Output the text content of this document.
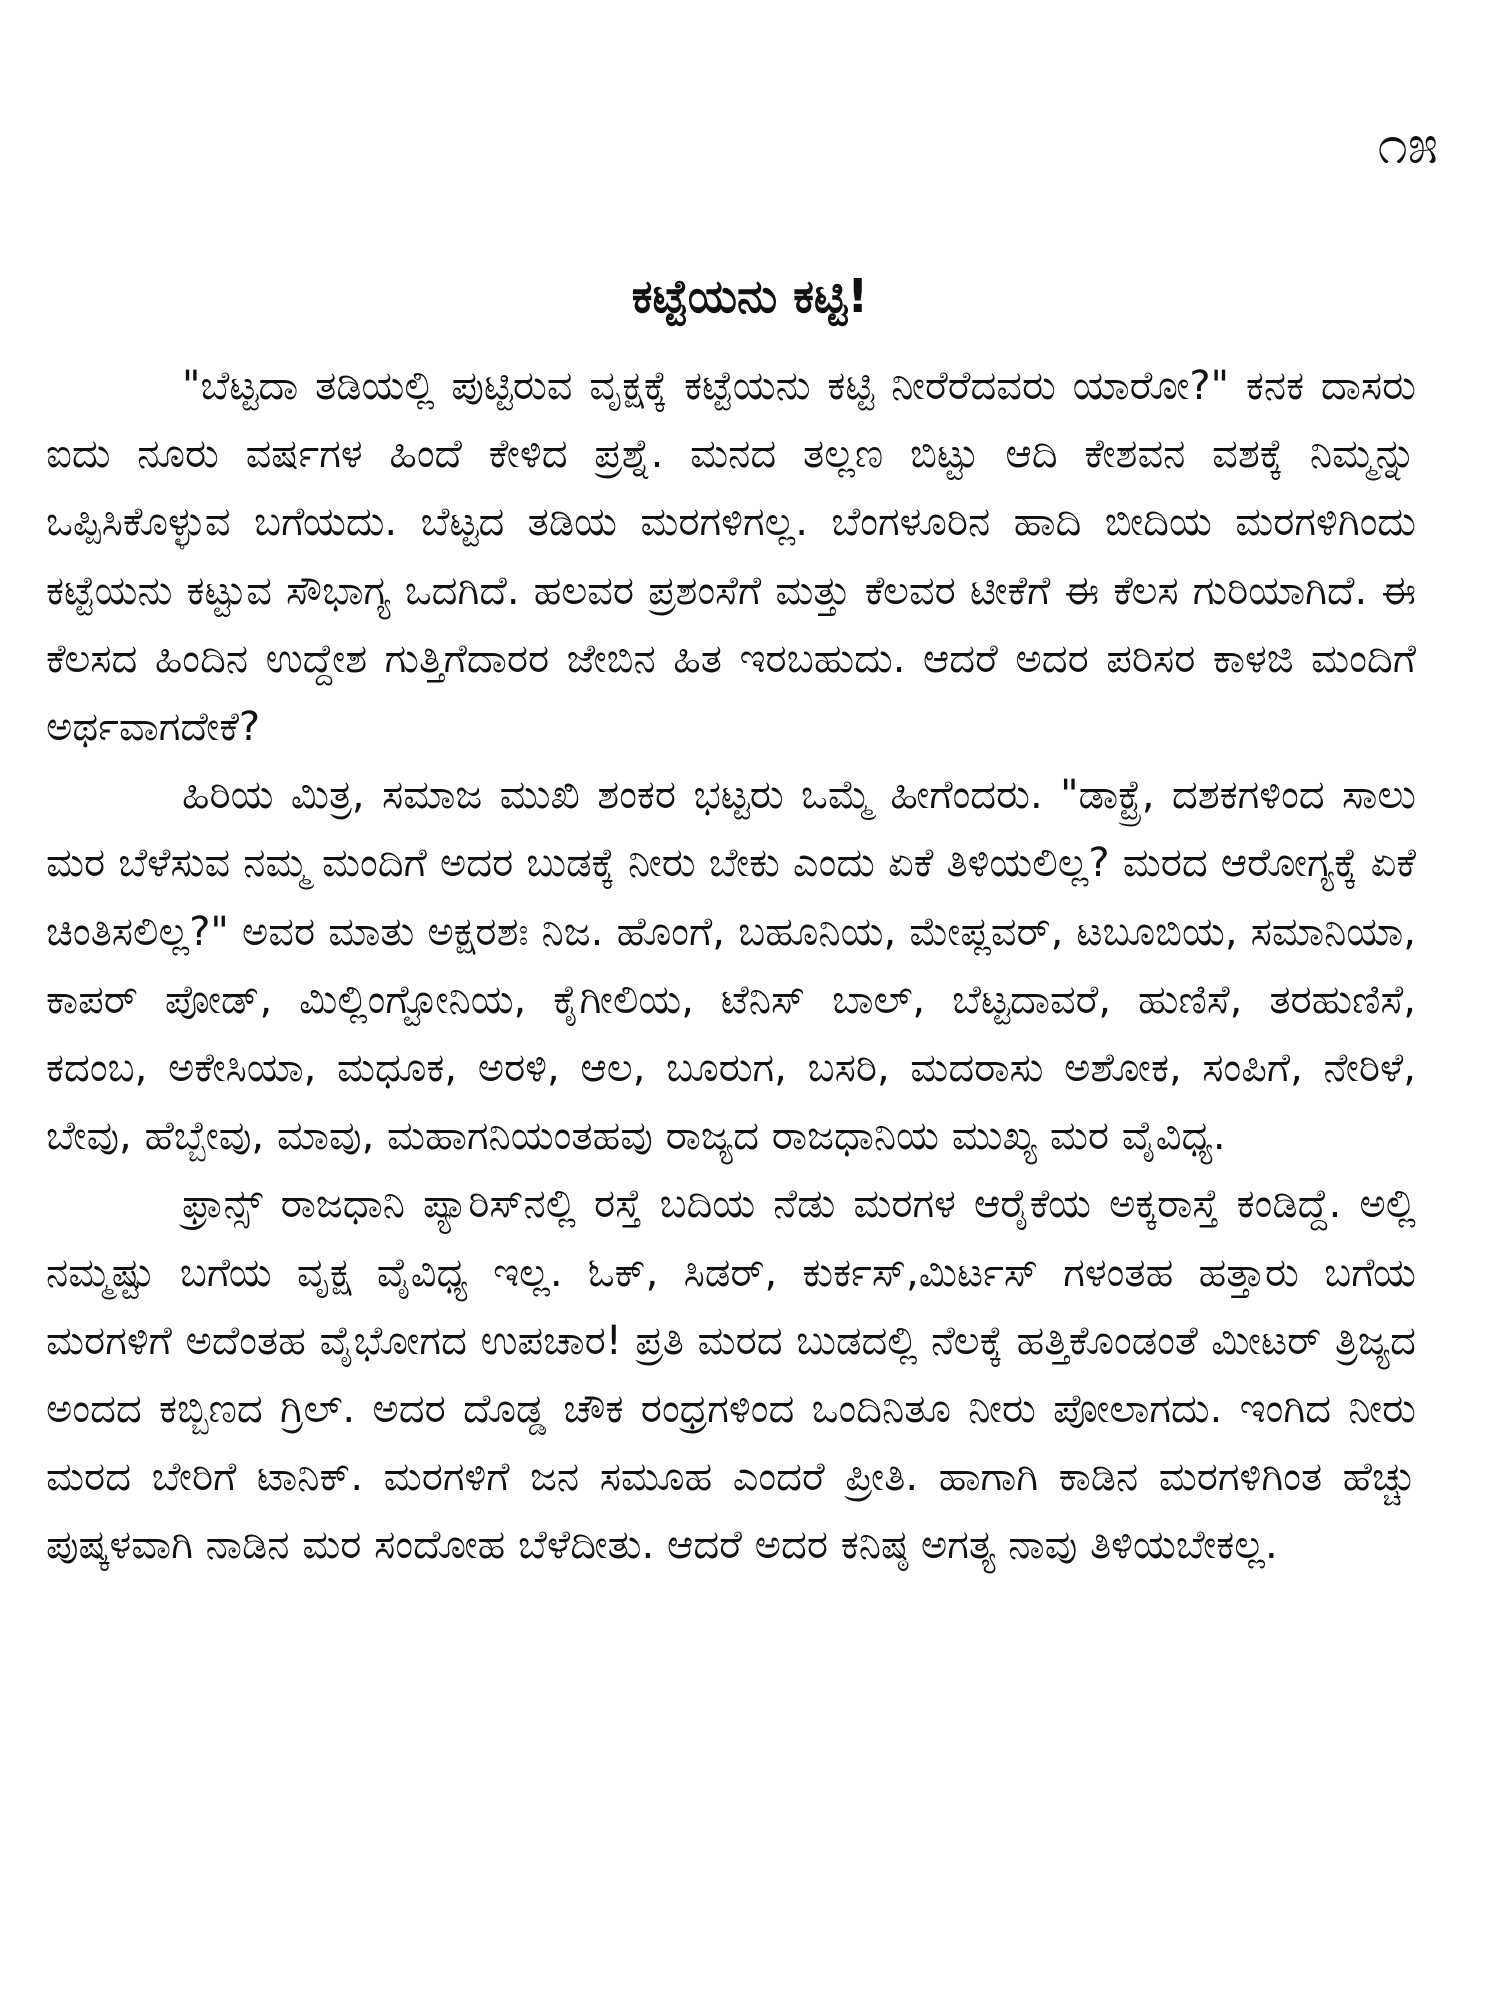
೧೫
ಕಟ್ಟೆಯನು ಕಟ್ಟಿ!

"ಬೆಟ್ಟದಾ ತಡಿಯಲ್ಲಿ ಪುಟ್ಟಿರುವ ವೃಕ್ಷಕ್ಕೆ ಕಟ್ಟೆಯನು ಕಟ್ಟಿ ನೀರೆರೆದವರು ಯಾರೋ?" ಕನಕ ದಾಸರು ಐದು ನೂರು ವರ್ಷಗಳ ಹಿಂದೆ ಕೇಳಿದ ಪ್ರಶ್ನೆ. ಮನದ ತಲ್ಲಣ ಬಿಟ್ಟು ಆದಿ ಕೇಶವನ ವಶಕ್ಕೆ ನಿಮ್ಮನ್ನು ಒಪ್ಪಿಸಿಕೊಳ್ಳುವ ಬಗೆಯದು. ಬೆಟ್ಟದ ತಡಿಯ ಮರಗಳಿಗಲ್ಲ. ಬೆಂಗಳೂರಿನ ಹಾದಿ ಬೀದಿಯ ಮರಗಳಿಗಿಂದು ಕಟ್ಟೆಯನು ಕಟ್ಟುವ ಸೌಭಾಗ್ಯ ಒದಗಿದೆ. ಹಲವರ ಪ್ರಶಂಸೆಗೆ ಮತ್ತು ಕೆಲವರ ಟೀಕೆಗೆ ಈ ಕೆಲಸ ಗುರಿಯಾಗಿದೆ. ಈ ಕೆಲಸದ ಹಿಂದಿನ ಉದ್ದೇಶ ಗುತ್ತಿಗೆದಾರರ ಜೇಬಿನ ಹಿತ ಇರಬಹುದು. ಆದರೆ ಅದರ ಪರಿಸರ ಕಾಳಜಿ ಮಂದಿಗೆ ಅರ್ಥವಾಗದೇಕೆ?

ಹಿರಿಯ ಮಿತ್ರ, ಸಮಾಜ ಮುಖಿ ಶಂಕರ ಭಟ್ಟರು ಒಮ್ಮೆ ಹೀಗೆಂದರು. "ಡಾಕ್ಟ್ರೆ, ದಶಕಗಳಿಂದ ಸಾಲು ಮರ ಬೆಳೆಸುವ ನಮ್ಮ ಮಂದಿಗೆ ಅದರ ಬುಡಕ್ಕೆ ನೀರು ಬೇಕು ಎಂದು ಏಕೆ ತಿಳಿಯಲಿಲ್ಲ? ಮರದ ಆರೋಗ್ಯಕ್ಕೆ ಏಕೆ ಚಿಂತಿಸಲಿಲ್ಲ?" ಅವರ ಮಾತು ಅಕ್ಷರಶಃ ನಿಜ. ಹೊಂಗೆ, ಬಹೂನಿಯ, ಮೇಪ್ಲವರ್, ಟಬೂಬಿಯ, ಸಮಾನಿಯಾ, ಕಾಪರ್ ಪೋಡ್, ಮಿಲ್ಲಿಂಗ್ಟೋನಿಯ, ಕೈಗೀಲಿಯ, ಟೆನಿಸ್ ಬಾಲ್, ಬೆಟ್ಟದಾವರೆ, ಹುಣಿಸೆ, ತರಹುಣಿಸೆ, ಕದಂಬ, ಅಕೇಸಿಯಾ, ಮಧೂಕ, ಅರಳಿ, ಆಲ, ಬೂರುಗ, ಬಸರಿ, ಮದರಾಸು ಅಶೋಕ, ಸಂಪಿಗೆ, ನೇರಿಳೆ, ಬೇವು, ಹೆಬ್ಬೇವು, ಮಾವು, ಮಹಾಗನಿಯಂತಹವು ರಾಜ್ಯದ ರಾಜಧಾನಿಯ ಮುಖ್ಯ ಮರ ವೈವಿಧ್ಯ.

ಫ್ರಾನ್ಸ್ ರಾಜಧಾನಿ ಪ್ಯಾರಿಸ್‌ನಲ್ಲಿ ರಸ್ತೆ ಬದಿಯ ನೆಡು ಮರಗಳ ಆರೈಕೆಯ ಅಕ್ಕರಾಸ್ತೆ ಕಂಡಿದ್ದೆ. ಅಲ್ಲಿ ನಮ್ಮಷ್ಟು ಬಗೆಯ ವೃಕ್ಷ ವೈವಿಧ್ಯ ಇಲ್ಲ. ಓಕ್, ಸಿಡರ್, ಕುರ್ಕಸ್,ಮಿರ್ಟಸ್ ಗಳಂತಹ ಹತ್ತಾರು ಬಗೆಯ ಮರಗಳಿಗೆ ಅದೆಂತಹ ವೈಭೋಗದ ಉಪಚಾರ! ಪ್ರತಿ ಮರದ ಬುಡದಲ್ಲಿ ನೆಲಕ್ಕೆ ಹತ್ತಿಕೊಂಡಂತೆ ಮೀಟರ್ ತ್ರಿಜ್ಯದ ಅಂದದ ಕಬ್ಬಿಣದ ಗ್ರಿಲ್. ಅದರ ದೊಡ್ಡ ಚೌಕ ರಂಧ್ರಗಳಿಂದ ಒಂದಿನಿತೂ ನೀರು ಪೋಲಾಗದು. ಇಂಗಿದ ನೀರು ಮರದ ಬೇರಿಗೆ ಟಾನಿಕ್. ಮರಗಳಿಗೆ ಜನ ಸಮೂಹ ಎಂದರೆ ಪ್ರೀತಿ. ಹಾಗಾಗಿ ಕಾಡಿನ ಮರಗಳಿಗಿಂತ ಹೆಚ್ಚು ಪುಷ್ಕಳವಾಗಿ ನಾಡಿನ ಮರ ಸಂದೋಹ ಬೆಳೆದೀತು. ಆದರೆ ಅದರ ಕನಿಷ್ಠ ಅಗತ್ಯ ನಾವು ತಿಳಿಯಬೇಕಲ್ಲ.
